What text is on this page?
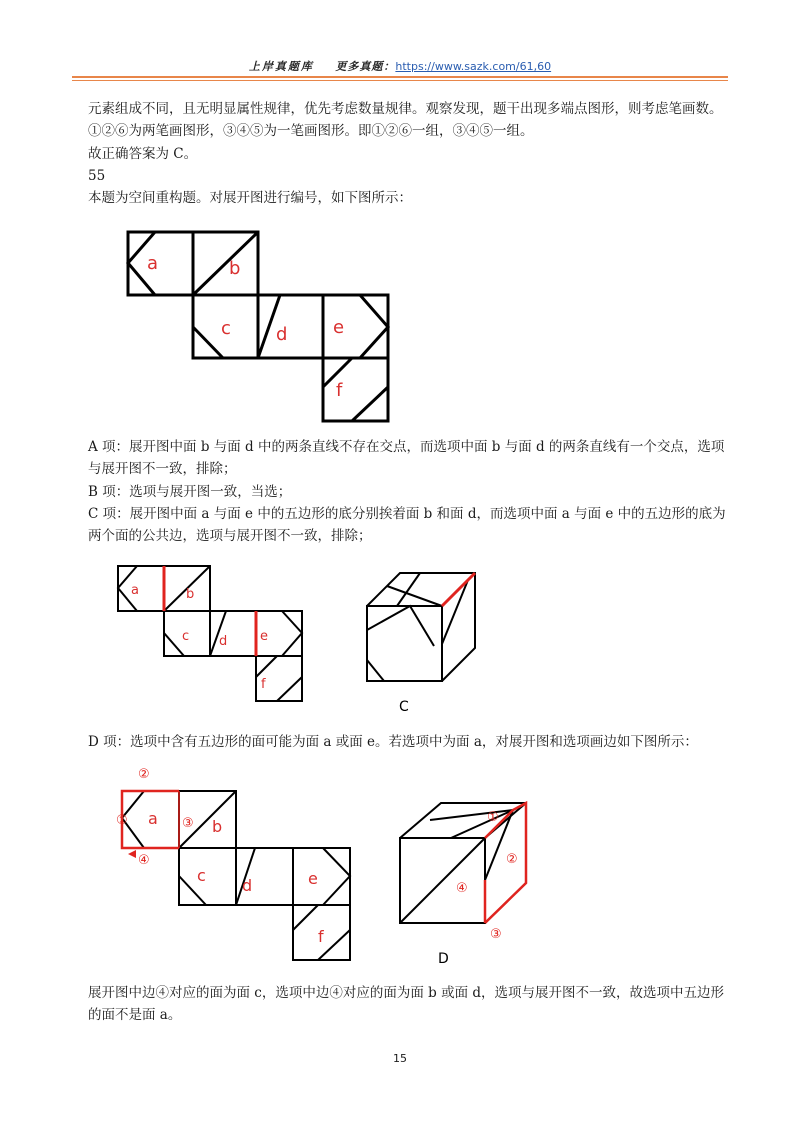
上岸真题库 更多真题：https://www.sazk.com/61,60

元素组成不同，且无明显属性规律，优先考虑数量规律。观察发现，题干出现多端点图形，则考虑笔画数。①②⑥为两笔画图形，③④⑤为一笔画图形。即①②⑥一组，③④⑤一组。

故正确答案为 C。

55

本题为空间重构题。对展开图进行编号，如下图所示：

a	b
c	d	e
f

A 项：展开图中面 b 与面 d 中的两条直线不存在交点，而选项中面 b 与面 d 的两条直线有一个交点，选项与展开图不一致，排除；

B 项：选项与展开图一致，当选；

C 项：展开图中面 a 与面 e 中的五边形的底分别挨着面 b 和面 d，而选项中面 a 与面 e 中的五边形的底为两个面的公共边，选项与展开图不一致，排除；

a	b
c d	e
f
C

D 项：选项中含有五边形的面可能为面 a 或面 e。若选项中为面 a，对展开图和选项画边如下图所示：

②
①	③
④
a	b
c
d	e
f
①
②
③
④
D

展开图中边④对应的面为面 c，选项中边④对应的面为面 b 或面 d，选项与展开图不一致，故选项中五边形的面不是面 a。

15
